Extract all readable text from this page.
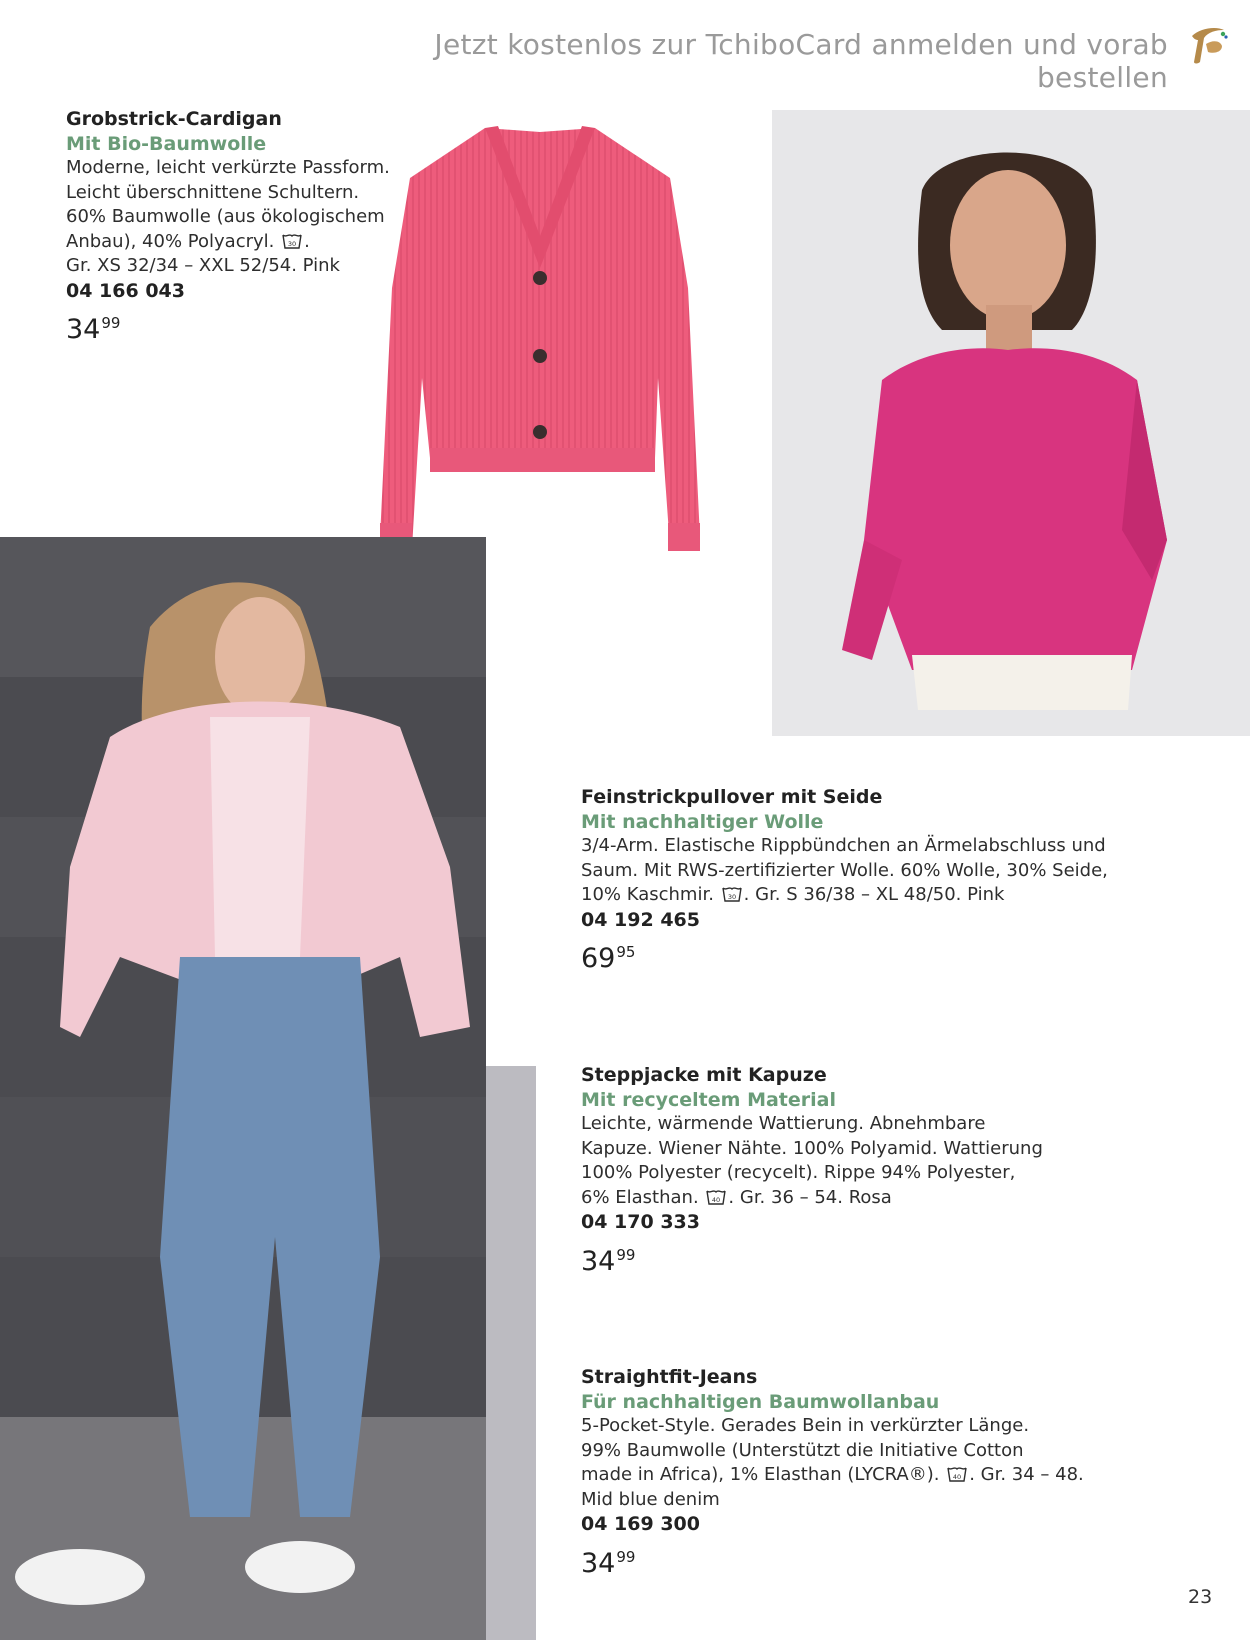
Jetzt kostenlos zur TchiboCard anmelden und vorab bestellen
Grobstrick-Cardigan
Mit Bio-Baumwolle
Moderne, leicht verkürzte Passform.
Leicht überschnittene Schultern.
60% Baumwolle (aus ökologischem
Anbau), 40% Polyacryl. 30 .
Gr. XS 32/34 – XXL 52/54. Pink
04 166 043
$34^{99}$
Feinstrickpullover mit Seide
Mit nachhaltiger Wolle
3/4-Arm. Elastische Rippbündchen an Ärmelabschluss und
Saum. Mit RWS-zertifizierter Wolle. 60% Wolle, 30% Seide,
10% Kaschmir. 30 . Gr. S 36/38 – XL 48/50. Pink
04 192 465
$69^{95}$
Steppjacke mit Kapuze
Mit recyceltem Material
Leichte, wärmende Wattierung. Abnehmbare
Kapuze. Wiener Nähte. 100% Polyamid. Wattierung
100% Polyester (recycelt). Rippe 94% Polyester,
6% Elasthan. 40 . Gr. 36 – 54. Rosa
04 170 333
$34^{99}$
Straightfit-Jeans
Für nachhaltigen Baumwollanbau
5-Pocket-Style. Gerades Bein in verkürzter Länge.
99% Baumwolle (Unterstützt die Initiative Cotton
made in Africa), 1% Elasthan (LYCRA®). 40 . Gr. 34 – 48.
Mid blue denim
04 169 300
$34^{99}$
23
